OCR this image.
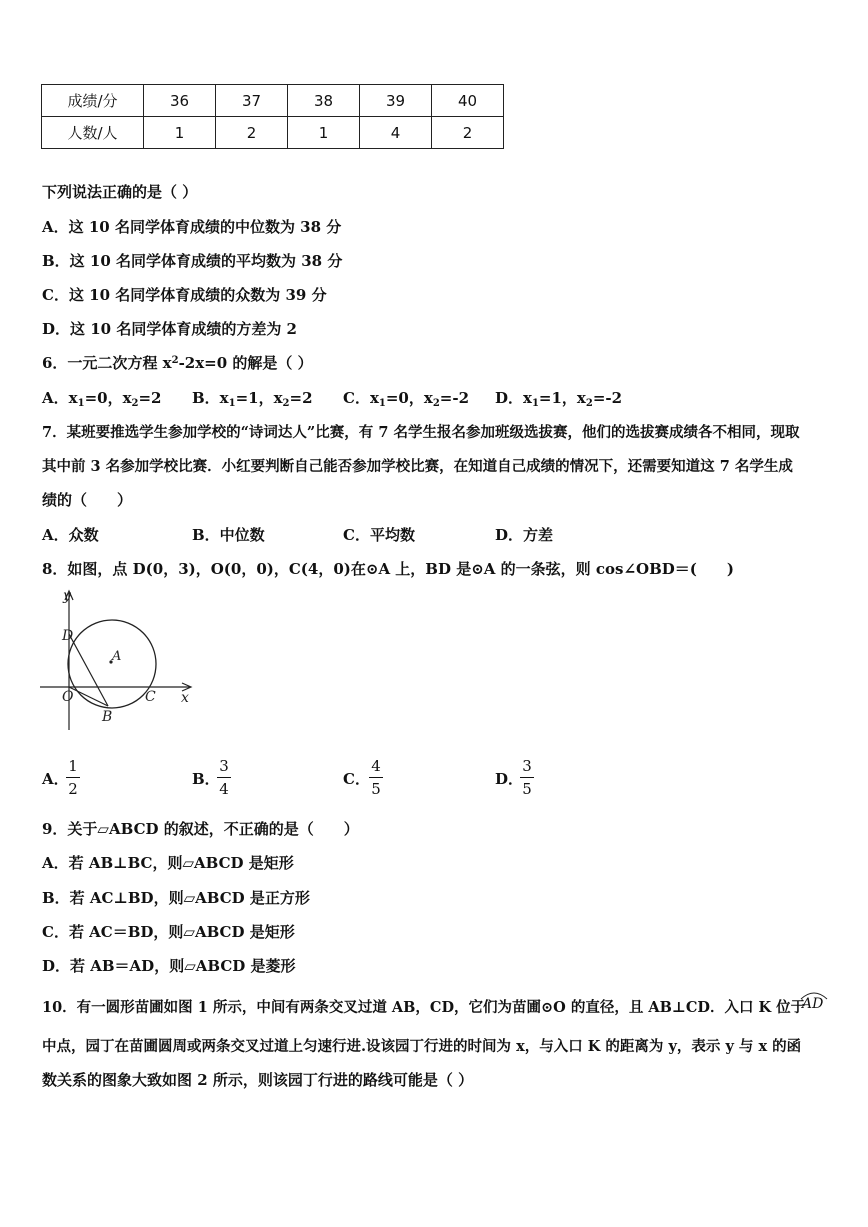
成绩/分	36	37	38	39	40
人数/人	1	2	1	4	2
下列说法正确的是（ ）
A．这 10 名同学体育成绩的中位数为 38 分
B．这 10 名同学体育成绩的平均数为 38 分
C．这 10 名同学体育成绩的众数为 39 分
D．这 10 名同学体育成绩的方差为 2
6．一元二次方程 $x^2-2x=0$ 的解是（ ）
A．$x_1=0$，$x_2=2$ B．$x_1=1$，$x_2=2$ C．$x_1=0$，$x_2=-2$ D．$x_1=1$，$x_2=-2$
7．某班要推选学生参加学校的“诗词达人”比赛，有 7 名学生报名参加班级选拔赛，他们的选拔赛成绩各不相同，现取
其中前 3 名参加学校比赛．小红要判断自己能否参加学校比赛，在知道自己成绩的情况下，还需要知道这 7 名学生成
绩的（　　）
A．众数	B．中位数	C．平均数	D．方差
8．如图，点 D(0，3)，O(0，0)，C(4，0)在⊙A 上，BD 是⊙A 的一条弦，则 cos∠OBD＝(　　)
y
x
D
A
O	C
B
A．
1
2
B．
3
4
C．
4
5
D．
3
5
9．关于▱ABCD 的叙述，不正确的是（　　）
A．若 AB⊥BC，则▱ABCD 是矩形
B．若 AC⊥BD，则▱ABCD 是正方形
C．若 AC＝BD，则▱ABCD 是矩形
D．若 AB＝AD，则▱ABCD 是菱形
10．有一圆形苗圃如图 1 所示，中间有两条交叉过道 AB，CD，它们为苗圃⊙O 的直径，且 AB⊥CD．入口 K 位于
AD
中点，园丁在苗圃圆周或两条交叉过道上匀速行进.设该园丁行进的时间为 x，与入口 K 的距离为 y，表示 y 与 x 的函
数关系的图象大致如图 2 所示，则该园丁行进的路线可能是（ ）
